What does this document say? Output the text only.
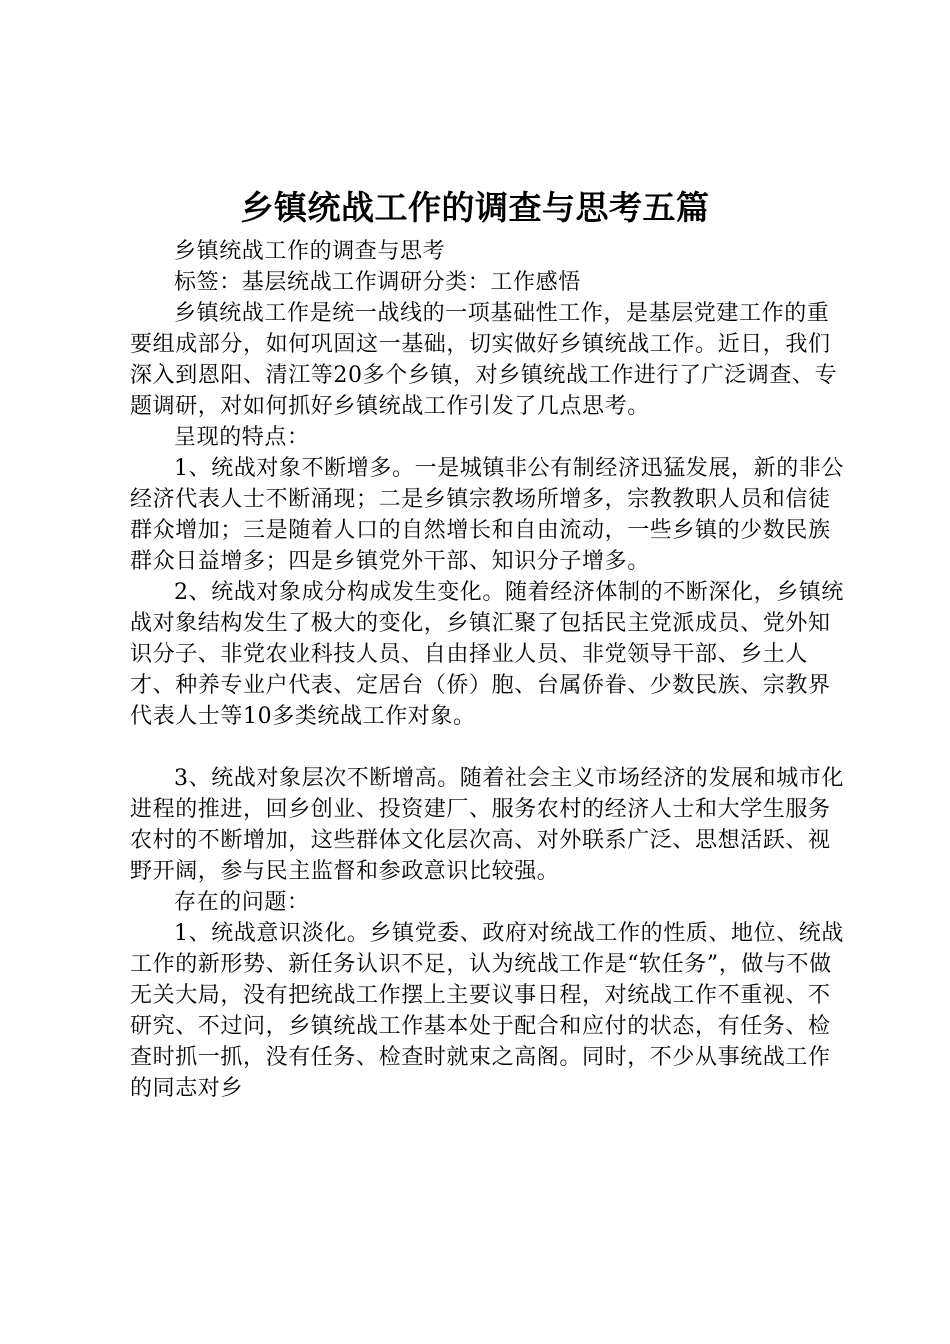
乡镇统战工作的调查与思考五篇

乡镇统战工作的调查与思考

标签：基层统战工作调研分类：工作感悟

乡镇统战工作是统一战线的一项基础性工作，是基层党建工作的重要组成部分，如何巩固这一基础，切实做好乡镇统战工作。近日，我们深入到恩阳、清江等20多个乡镇，对乡镇统战工作进行了广泛调查、专题调研，对如何抓好乡镇统战工作引发了几点思考。

呈现的特点：

1、统战对象不断增多。一是城镇非公有制经济迅猛发展，新的非公经济代表人士不断涌现；二是乡镇宗教场所增多，宗教教职人员和信徒群众增加；三是随着人口的自然增长和自由流动，一些乡镇的少数民族群众日益增多；四是乡镇党外干部、知识分子增多。

2、统战对象成分构成发生变化。随着经济体制的不断深化，乡镇统战对象结构发生了极大的变化，乡镇汇聚了包括民主党派成员、党外知识分子、非党农业科技人员、自由择业人员、非党领导干部、乡土人才、种养专业户代表、定居台（侨）胞、台属侨眷、少数民族、宗教界代表人士等10多类统战工作对象。

3、统战对象层次不断增高。随着社会主义市场经济的发展和城市化进程的推进，回乡创业、投资建厂、服务农村的经济人士和大学生服务农村的不断增加，这些群体文化层次高、对外联系广泛、思想活跃、视野开阔，参与民主监督和参政意识比较强。

存在的问题：

1、统战意识淡化。乡镇党委、政府对统战工作的性质、地位、统战工作的新形势、新任务认识不足，认为统战工作是“软任务”，做与不做无关大局，没有把统战工作摆上主要议事日程，对统战工作不重视、不研究、不过问，乡镇统战工作基本处于配合和应付的状态，有任务、检查时抓一抓，没有任务、检查时就束之高阁。同时，不少从事统战工作的同志对乡
